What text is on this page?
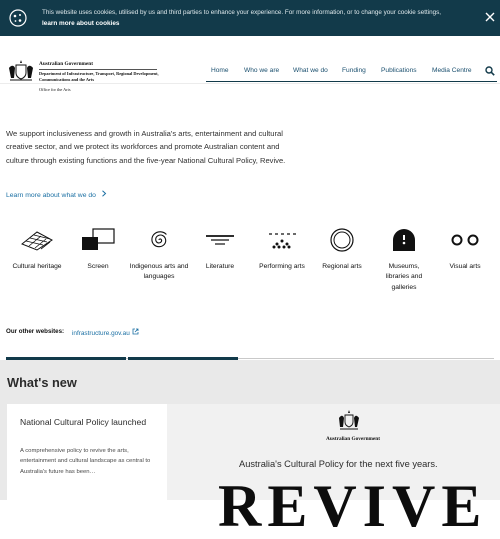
This website uses cookies, utilised by us and third parties to enhance your experience. For more information, or to change your cookie settings,
learn more about cookies
Australian Government
Department of Infrastructure, Transport, Regional Development, Communications and the Arts
Office for the Arts
Home Who we are What we do Funding Publications Media Centre

We support inclusiveness and growth in Australia's arts, entertainment and cultural creative sector, and we protect its workforces and promote Australian content and culture through existing functions and the five-year National Cultural Policy, Revive.

Learn more about what we do
Cultural heritage	Screen	Indigenous arts and languages
Literature	Performing arts	Regional arts	Museums, libraries and galleries
Visual arts
Our other websites: infrastructure.gov.au
What's new
National Cultural Policy launched
A comprehensive policy to revive the arts, entertainment and cultural landscape as central to Australia's future has been…
Australian Government
Australia's Cultural Policy for the next five years.
REVIVE
